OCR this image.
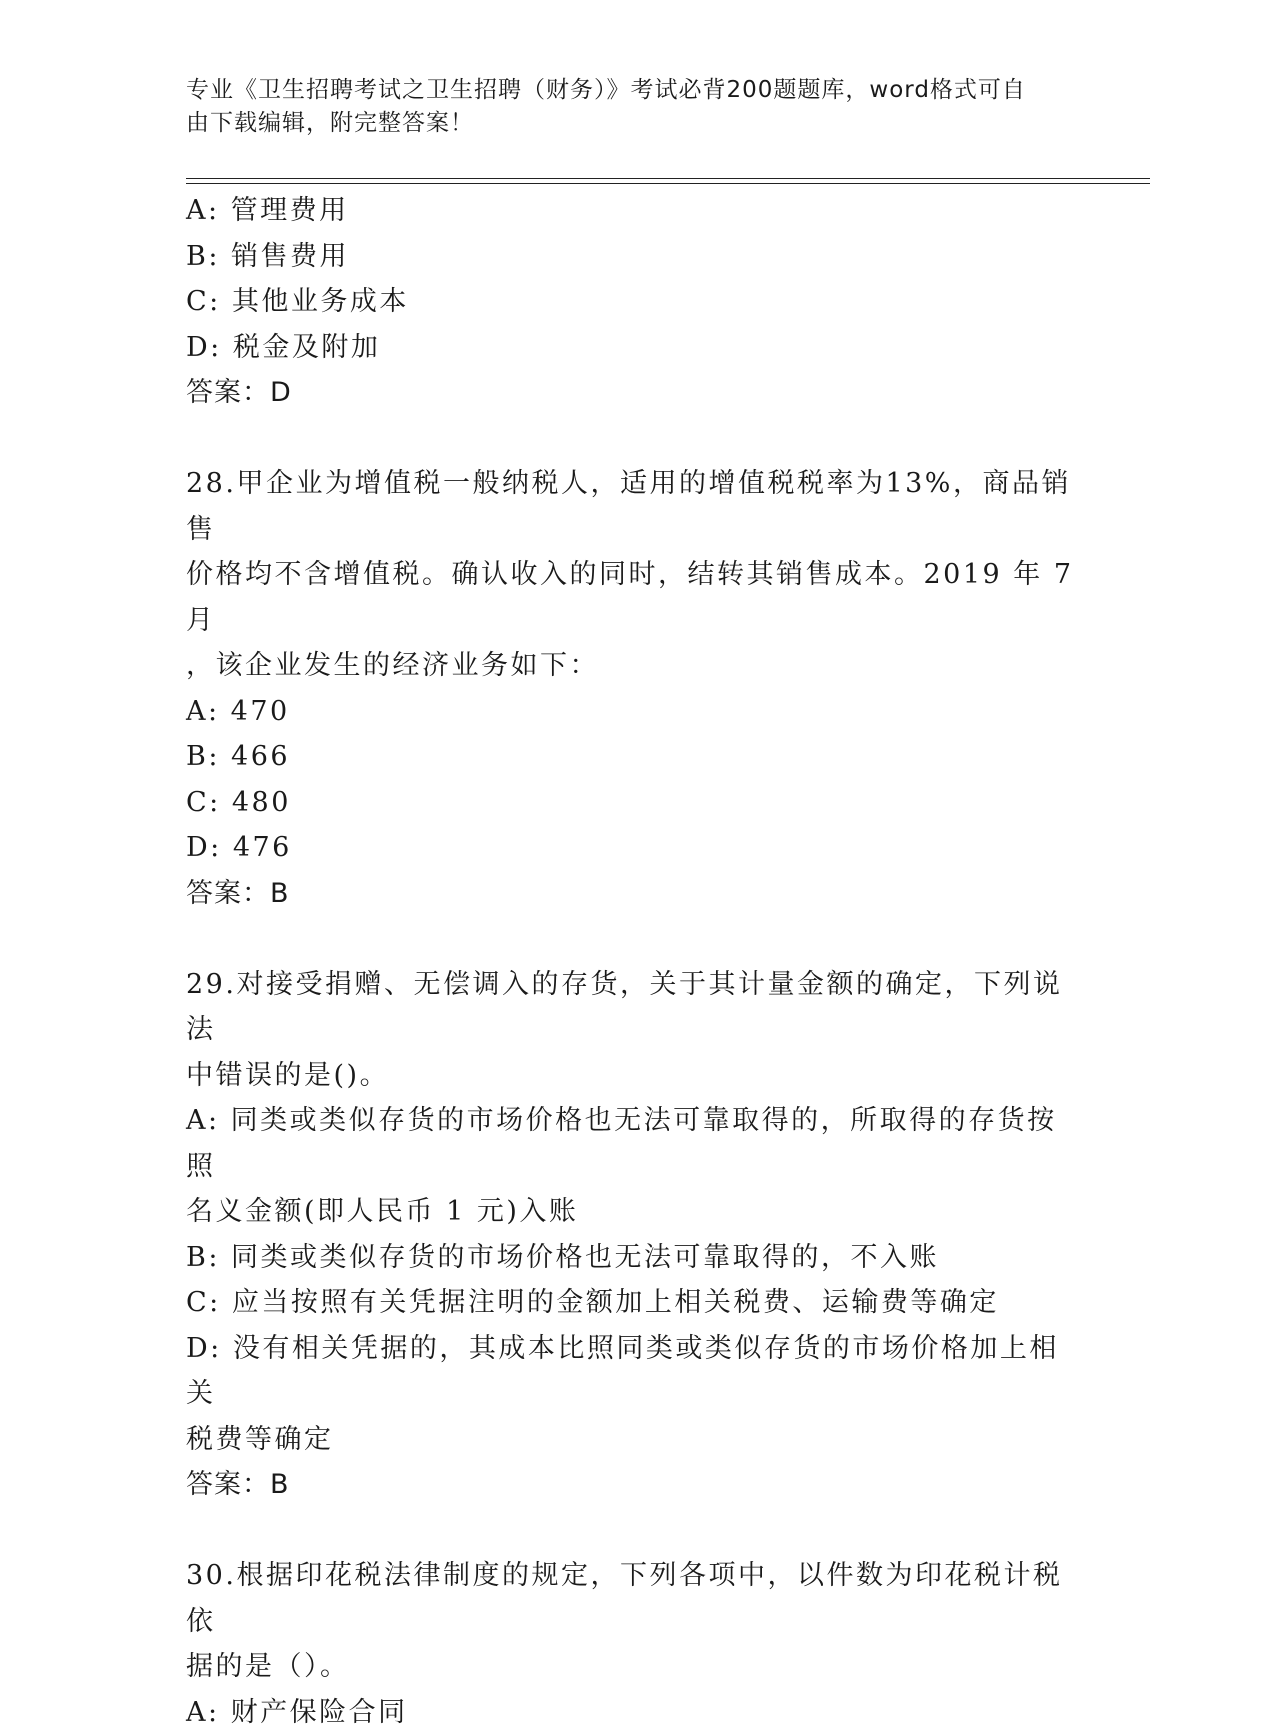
专业《卫生招聘考试之卫生招聘（财务）》考试必背200题题库，word格式可自
由下载编辑，附完整答案！
A: 管理费用
B: 销售费用
C: 其他业务成本
D: 税金及附加
答案：D
28.甲企业为增值税一般纳税人，适用的增值税税率为13%，商品销售
价格均不含增值税。确认收入的同时，结转其销售成本。2019 年 7 月
，该企业发生的经济业务如下：
A: 470
B: 466
C: 480
D: 476
答案：B
29.对接受捐赠、无偿调入的存货，关于其计量金额的确定，下列说法
中错误的是()。
A: 同类或类似存货的市场价格也无法可靠取得的，所取得的存货按照
名义金额(即人民币 1 元)入账
B: 同类或类似存货的市场价格也无法可靠取得的，不入账
C: 应当按照有关凭据注明的金额加上相关税费、运输费等确定
D: 没有相关凭据的，其成本比照同类或类似存货的市场价格加上相关
税费等确定
答案：B
30.根据印花税法律制度的规定，下列各项中，以件数为印花税计税依
据的是（）。
A: 财产保险合同
